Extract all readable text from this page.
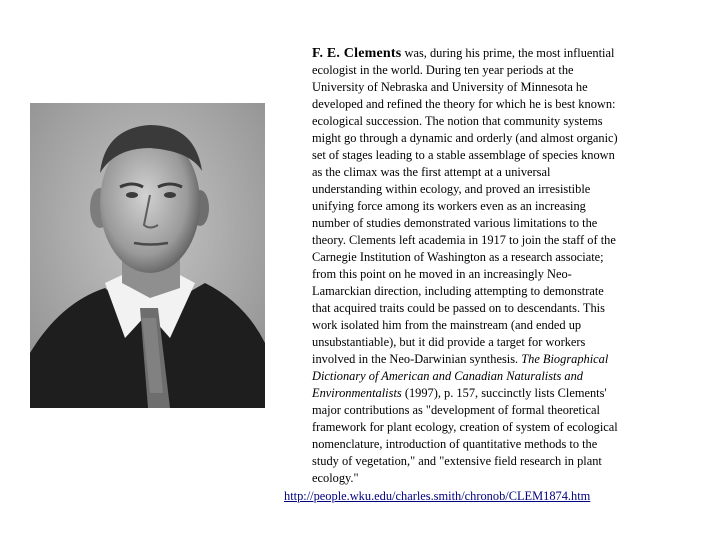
F. E. Clements was, during his prime, the most influential
ecologist in the world. During ten year periods at the
University of Nebraska and University of Minnesota he
developed and refined the theory for which he is best known:
ecological succession. The notion that community systems
might go through a dynamic and orderly (and almost organic)
set of stages leading to a stable assemblage of species known
as the climax was the first attempt at a universal
understanding within ecology, and proved an irresistible
unifying force among its workers even as an increasing
number of studies demonstrated various limitations to the
theory. Clements left academia in 1917 to join the staff of the
Carnegie Institution of Washington as a research associate;
from this point on he moved in an increasingly Neo-
Lamarckian direction, including attempting to demonstrate
that acquired traits could be passed on to descendants. This
work isolated him from the mainstream (and ended up
unsubstantiable), but it did provide a target for workers
involved in the Neo-Darwinian synthesis. The Biographical
Dictionary of American and Canadian Naturalists and
Environmentalists (1997), p. 157, succinctly lists Clements'
major contributions as "development of formal theoretical
framework for plant ecology, creation of system of ecological
nomenclature, introduction of quantitative methods to the
study of vegetation," and "extensive field research in plant
ecology."
http://people.wku.edu/charles.smith/chronob/CLEM1874.htm
